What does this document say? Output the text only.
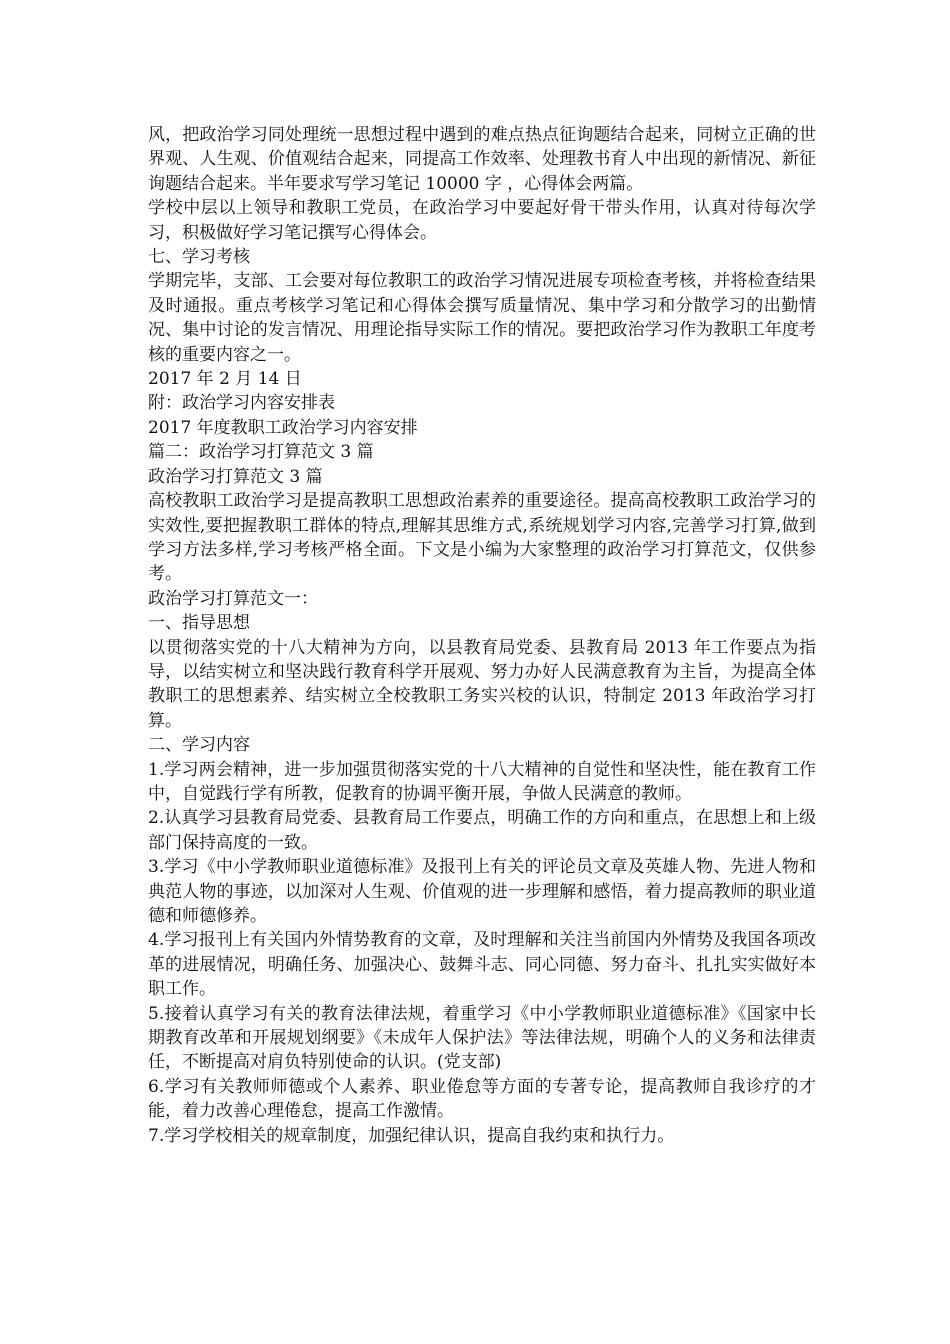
风，把政治学习同处理统一思想过程中遇到的难点热点征询题结合起来，同树立正确的世界观、人生观、价值观结合起来，同提高工作效率、处理教书育人中出现的新情况、新征询题结合起来。半年要求写学习笔记 10000 字 ，心得体会两篇。

学校中层以上领导和教职工党员，在政治学习中要起好骨干带头作用，认真对待每次学习，积极做好学习笔记撰写心得体会。

七、学习考核

学期完毕，支部、工会要对每位教职工的政治学习情况进展专项检查考核，并将检查结果及时通报。重点考核学习笔记和心得体会撰写质量情况、集中学习和分散学习的出勤情况、集中讨论的发言情况、用理论指导实际工作的情况。要把政治学习作为教职工年度考核的重要内容之一。

2017 年 2 月 14 日

附：政治学习内容安排表

2017 年度教职工政治学习内容安排

篇二：政治学习打算范文 3 篇

政治学习打算范文 3 篇

高校教职工政治学习是提高教职工思想政治素养的重要途径。提高高校教职工政治学习的实效性,要把握教职工群体的特点,理解其思维方式,系统规划学习内容,完善学习打算,做到学习方法多样,学习考核严格全面。下文是小编为大家整理的政治学习打算范文，仅供参考。

政治学习打算范文一：

一、指导思想

以贯彻落实党的十八大精神为方向，以县教育局党委、县教育局 2013 年工作要点为指导，以结实树立和坚决践行教育科学开展观、努力办好人民满意教育为主旨，为提高全体教职工的思想素养、结实树立全校教职工务实兴校的认识，特制定 2013 年政治学习打算。

二、学习内容

1.学习两会精神，进一步加强贯彻落实党的十八大精神的自觉性和坚决性，能在教育工作中，自觉践行学有所教，促教育的协调平衡开展，争做人民满意的教师。

2.认真学习县教育局党委、县教育局工作要点，明确工作的方向和重点，在思想上和上级部门保持高度的一致。

3.学习《中小学教师职业道德标准》及报刊上有关的评论员文章及英雄人物、先进人物和典范人物的事迹，以加深对人生观、价值观的进一步理解和感悟，着力提高教师的职业道德和师德修养。

4.学习报刊上有关国内外情势教育的文章，及时理解和关注当前国内外情势及我国各项改革的进展情况，明确任务、加强决心、鼓舞斗志、同心同德、努力奋斗、扎扎实实做好本职工作。

5.接着认真学习有关的教育法律法规，着重学习《中小学教师职业道德标准》《国家中长期教育改革和开展规划纲要》《未成年人保护法》等法律法规，明确个人的义务和法律责任，不断提高对肩负特别使命的认识。(党支部)

6.学习有关教师师德或个人素养、职业倦怠等方面的专著专论，提高教师自我诊疗的才能，着力改善心理倦怠，提高工作激情。

7.学习学校相关的规章制度，加强纪律认识，提高自我约束和执行力。
